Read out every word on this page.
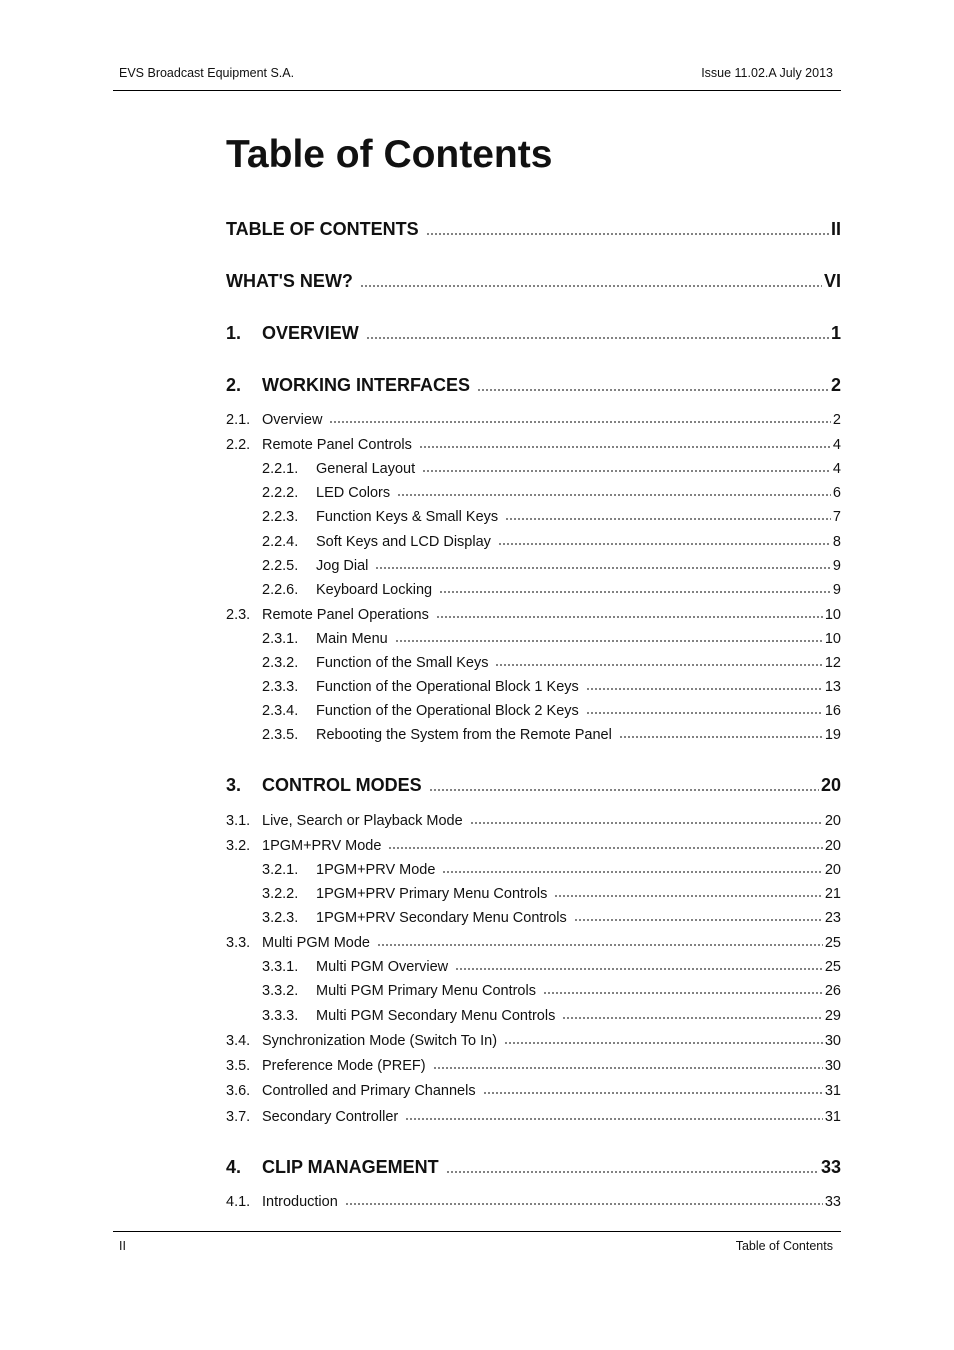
EVS Broadcast Equipment S.A.	Issue 11.02.A July 2013
Table of Contents
TABLE OF CONTENTS	II
WHAT'S NEW?	VI
1.	OVERVIEW	1
2.	WORKING INTERFACES	2
2.1. Overview	2
2.2. Remote Panel Controls	4
2.2.1.	General Layout	4
2.2.2.	LED Colors	6
2.2.3.	Function Keys & Small Keys	7
2.2.4.	Soft Keys and LCD Display	8
2.2.5.	Jog Dial	9
2.2.6.	Keyboard Locking	9
2.3. Remote Panel Operations	10
2.3.1.	Main Menu	10
2.3.2.	Function of the Small Keys	12
2.3.3.	Function of the Operational Block 1 Keys	13
2.3.4.	Function of the Operational Block 2 Keys	16
2.3.5.	Rebooting the System from the Remote Panel	19
3.	CONTROL MODES	20
3.1. Live, Search or Playback Mode	20
3.2. 1PGM+PRV Mode	20
3.2.1.	1PGM+PRV Mode	20
3.2.2.	1PGM+PRV Primary Menu Controls	21
3.2.3.	1PGM+PRV Secondary Menu Controls	23
3.3. Multi PGM Mode	25
3.3.1.	Multi PGM Overview	25
3.3.2.	Multi PGM Primary Menu Controls	26
3.3.3.	Multi PGM Secondary Menu Controls	29
3.4. Synchronization Mode (Switch To In)	30
3.5. Preference Mode (PREF)	30
3.6. Controlled and Primary Channels	31
3.7. Secondary Controller	31
4.	CLIP MANAGEMENT	33
4.1. Introduction	33
II	Table of Contents
